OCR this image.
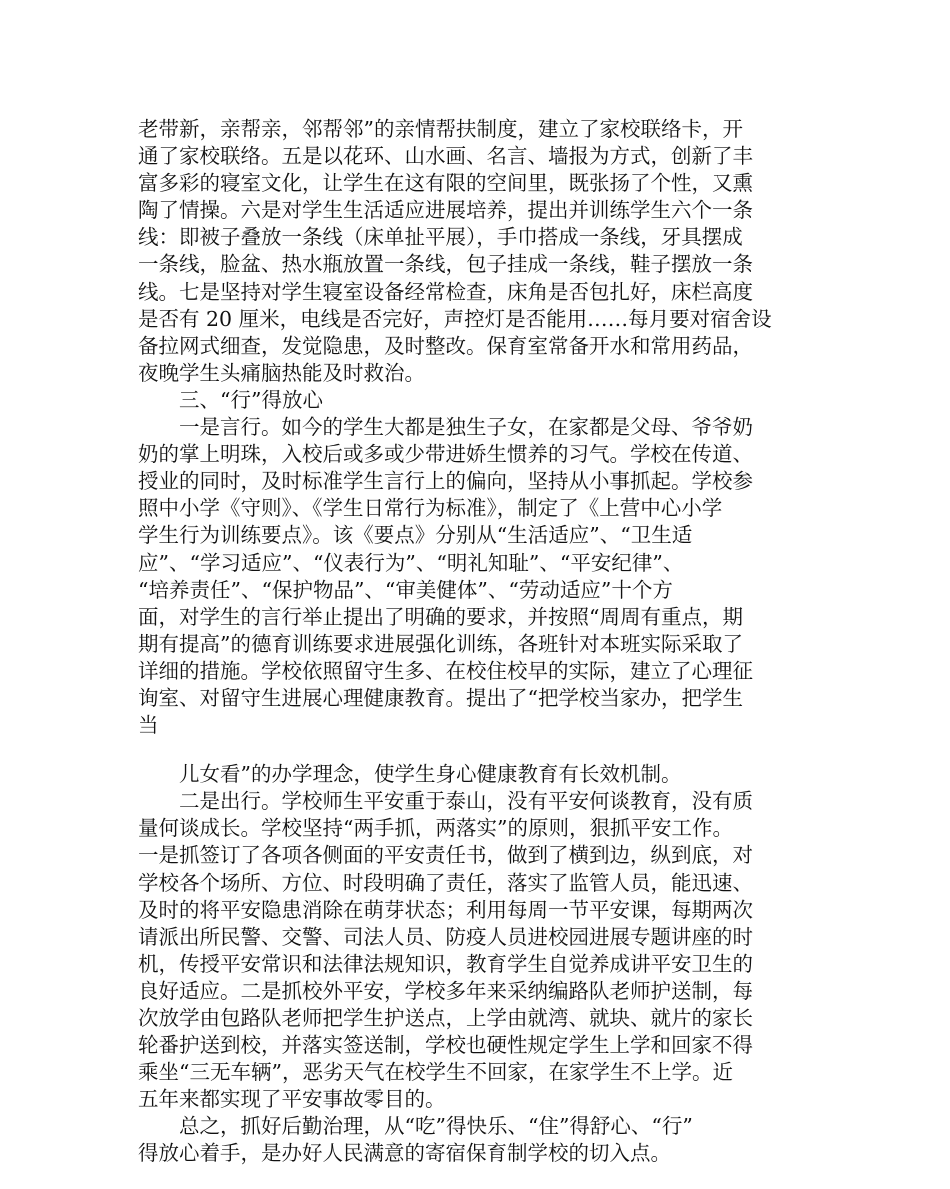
老带新，亲帮亲，邻帮邻”的亲情帮扶制度，建立了家校联络卡，开
通了家校联络。五是以花环、山水画、名言、墙报为方式，创新了丰
富多彩的寝室文化，让学生在这有限的空间里，既张扬了个性，又熏
陶了情操。六是对学生生活适应进展培养，提出并训练学生六个一条
线：即被子叠放一条线（床单扯平展），手巾搭成一条线，牙具摆成
一条线，脸盆、热水瓶放置一条线，包子挂成一条线，鞋子摆放一条
线。七是坚持对学生寝室设备经常检查，床角是否包扎好，床栏高度
是否有 20 厘米，电线是否完好，声控灯是否能用……每月要对宿舍设
备拉网式细查，发觉隐患，及时整改。保育室常备开水和常用药品，
夜晚学生头痛脑热能及时救治。
三、“行”得放心
一是言行。如今的学生大都是独生子女，在家都是父母、爷爷奶
奶的掌上明珠，入校后或多或少带进娇生惯养的习气。学校在传道、
授业的同时，及时标准学生言行上的偏向，坚持从小事抓起。学校参
照中小学《守则》、《学生日常行为标准》，制定了《上营中心小学
学生行为训练要点》。该《要点》分别从“生活适应”、“卫生适
应”、“学习适应”、“仪表行为”、“明礼知耻”、“平安纪律”、
“培养责任”、“保护物品”、“审美健体”、“劳动适应”十个方
面，对学生的言行举止提出了明确的要求，并按照“周周有重点，期
期有提高”的德育训练要求进展强化训练，各班针对本班实际采取了
详细的措施。学校依照留守生多、在校住校早的实际，建立了心理征
询室、对留守生进展心理健康教育。提出了“把学校当家办，把学生
当
儿女看”的办学理念，使学生身心健康教育有长效机制。
二是出行。学校师生平安重于泰山，没有平安何谈教育，没有质
量何谈成长。学校坚持“两手抓，两落实”的原则，狠抓平安工作。
一是抓签订了各项各侧面的平安责任书，做到了横到边，纵到底，对
学校各个场所、方位、时段明确了责任，落实了监管人员，能迅速、
及时的将平安隐患消除在萌芽状态；利用每周一节平安课，每期两次
请派出所民警、交警、司法人员、防疫人员进校园进展专题讲座的时
机，传授平安常识和法律法规知识，教育学生自觉养成讲平安卫生的
良好适应。二是抓校外平安，学校多年来采纳编路队老师护送制，每
次放学由包路队老师把学生护送点，上学由就湾、就块、就片的家长
轮番护送到校，并落实签送制，学校也硬性规定学生上学和回家不得
乘坐“三无车辆”，恶劣天气在校学生不回家，在家学生不上学。近
五年来都实现了平安事故零目的。
总之，抓好后勤治理，从“吃”得快乐、“住”得舒心、“行”
得放心着手，是办好人民满意的寄宿保育制学校的切入点。
